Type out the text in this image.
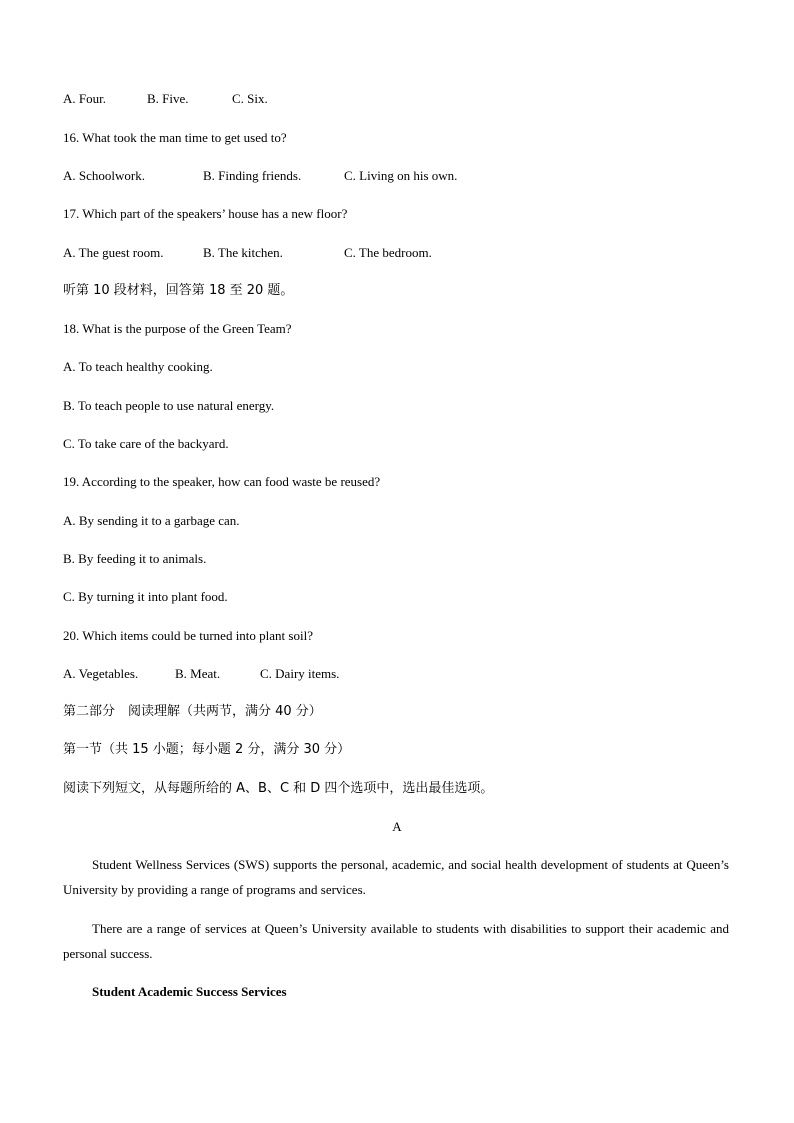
A. Four.	B. Five.	C. Six.
16. What took the man time to get used to?
A. Schoolwork.	B. Finding friends.	C. Living on his own.
17. Which part of the speakers’ house has a new floor?
A. The guest room.	B. The kitchen.	C. The bedroom.
听第 10 段材料，回答第 18 至 20 题。
18. What is the purpose of the Green Team?
A. To teach healthy cooking.
B. To teach people to use natural energy.
C. To take care of the backyard.
19. According to the speaker, how can food waste be reused?
A. By sending it to a garbage can.
B. By feeding it to animals.
C. By turning it into plant food.
20. Which items could be turned into plant soil?
A. Vegetables.	B. Meat.	C. Dairy items.
第二部分　阅读理解（共两节，满分 40 分）
第一节（共 15 小题；每小题 2 分，满分 30 分）
阅读下列短文，从每题所给的 A、B、C 和 D 四个选项中，选出最佳选项。
A
Student Wellness Services (SWS) supports the personal, academic, and social health development of students at Queen’s University by providing a range of programs and services.
There are a range of services at Queen’s University available to students with disabilities to support their academic and personal success.
Student Academic Success Services
